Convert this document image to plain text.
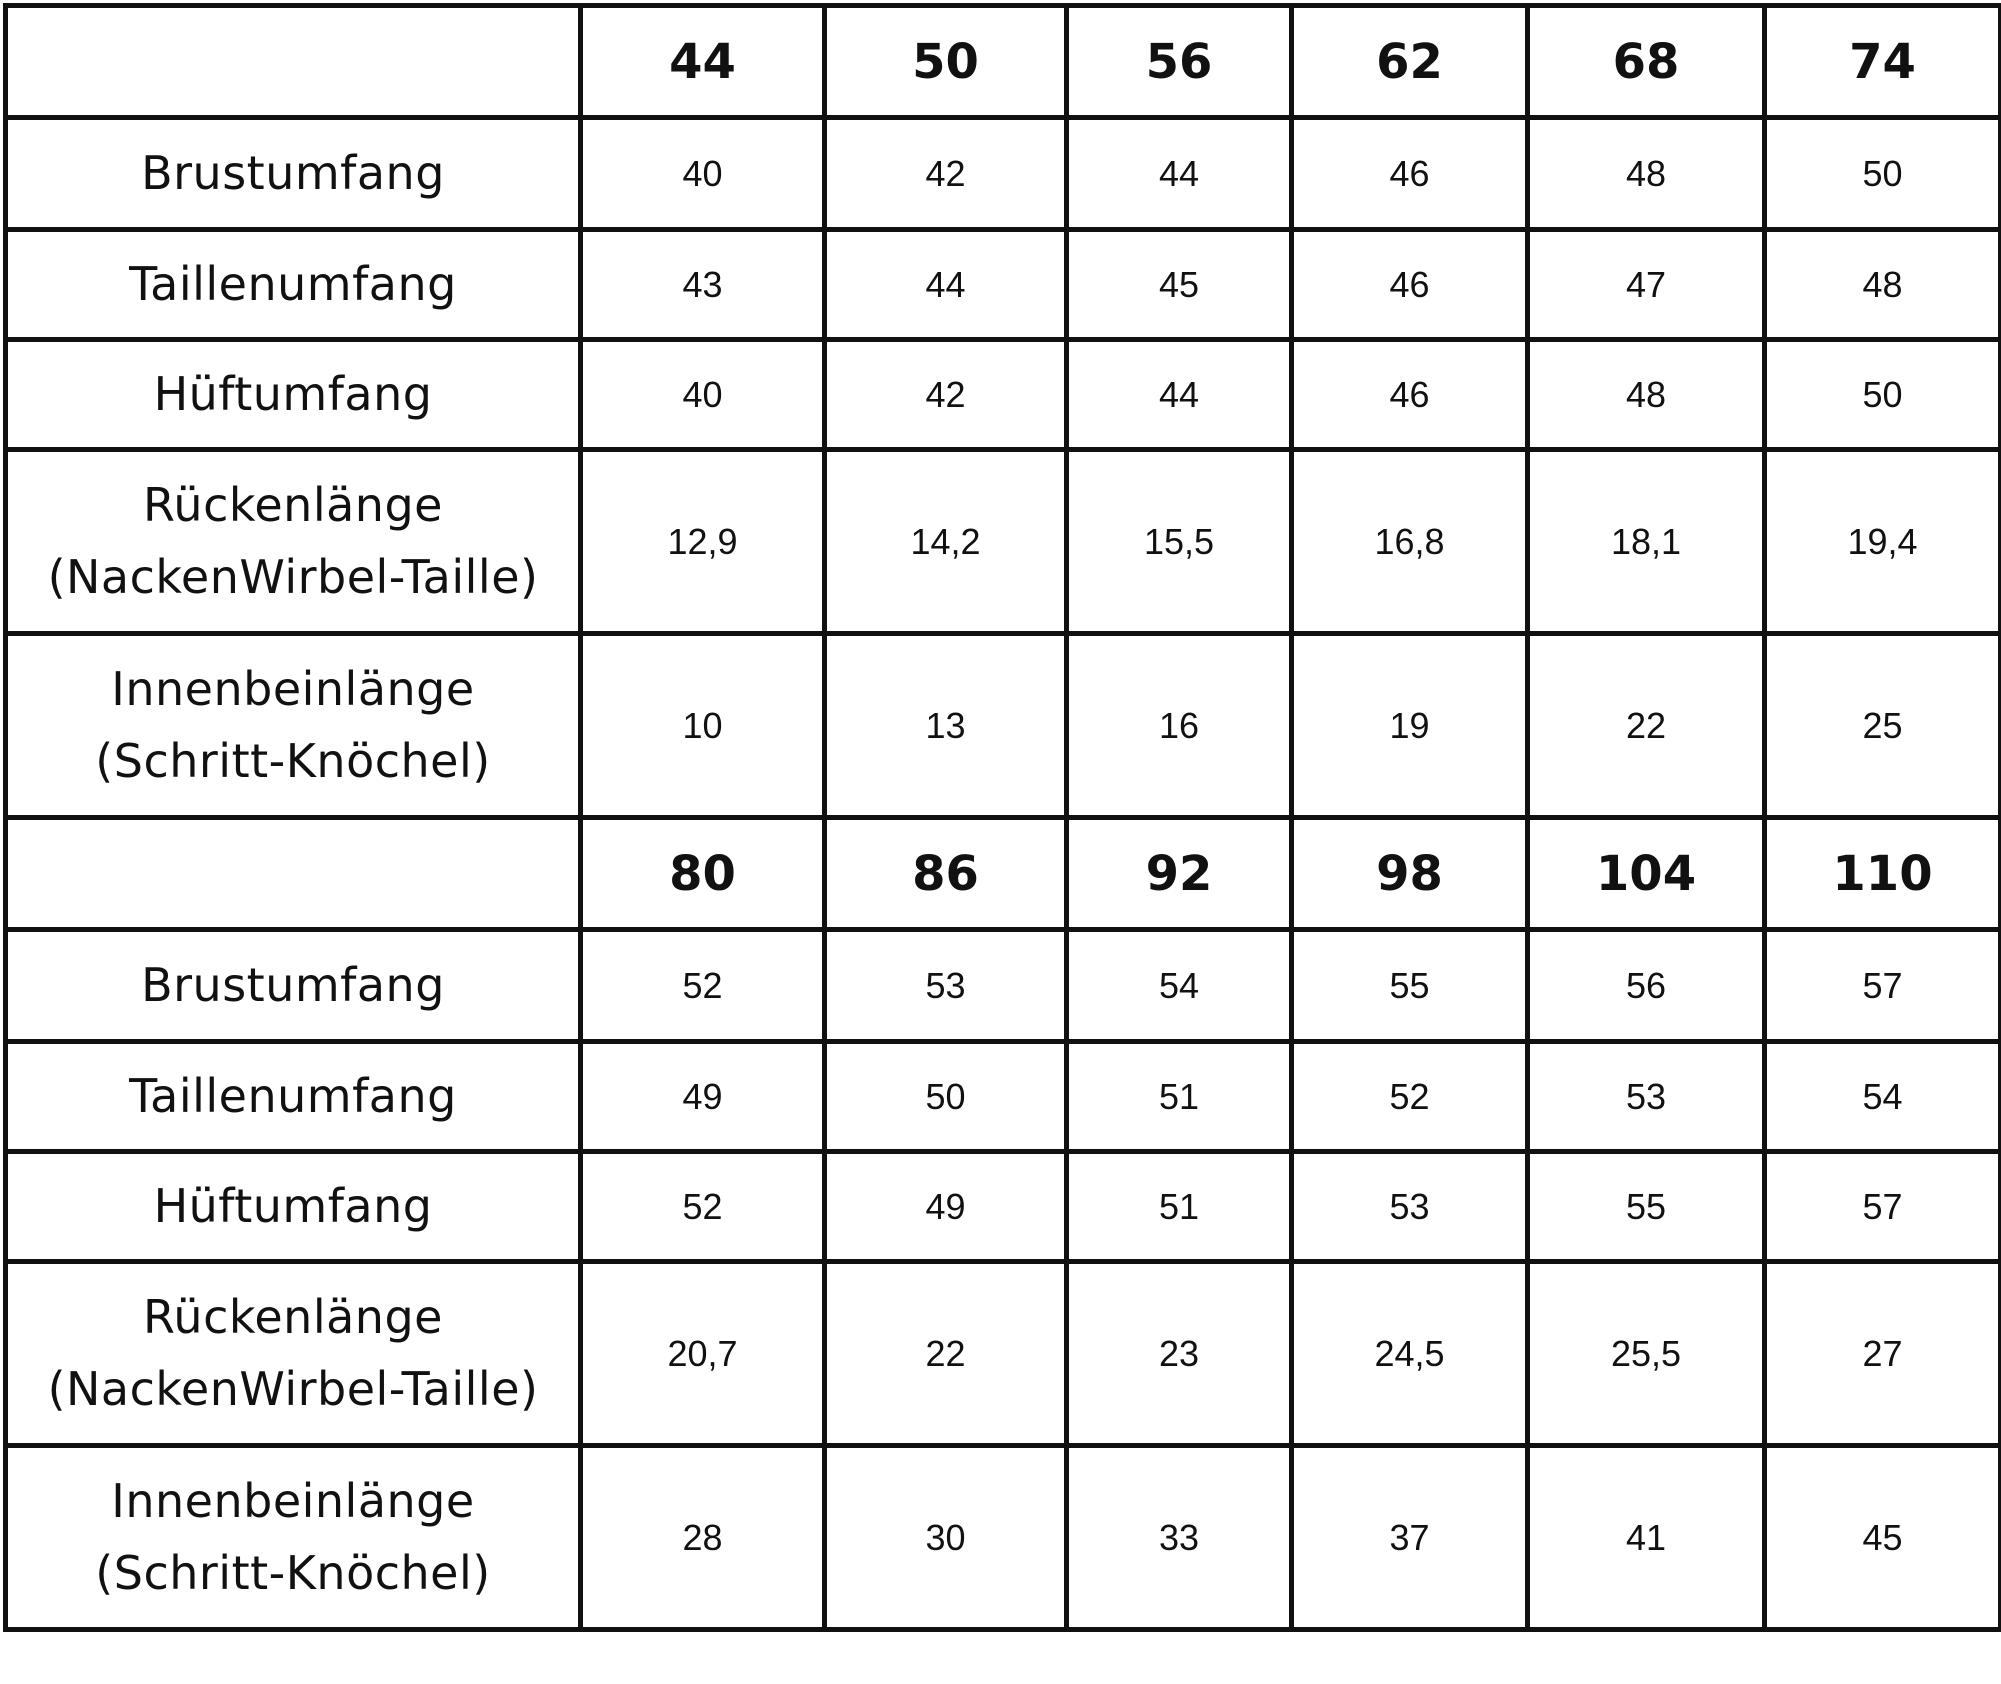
	44	50	56	62	68	74

Brustumfang	40	42	44	46	48	50

Taillenumfang	43	44	45	46	47	48

Hüftumfang	40	42	44	46	48	50

Rückenlänge
(NackenWirbel-Taille)	12,9	14,2	15,5	16,8	18,1	19,4

Innenbeinlänge
(Schritt-Knöchel)	10	13	16	19	22	25
	80	86	92	98	104	110

Brustumfang	52	53	54	55	56	57

Taillenumfang	49	50	51	52	53	54

Hüftumfang	52	49	51	53	55	57

Rückenlänge
(NackenWirbel-Taille)	20,7	22	23	24,5	25,5	27

Innenbeinlänge
(Schritt-Knöchel)	28	30	33	37	41	45
